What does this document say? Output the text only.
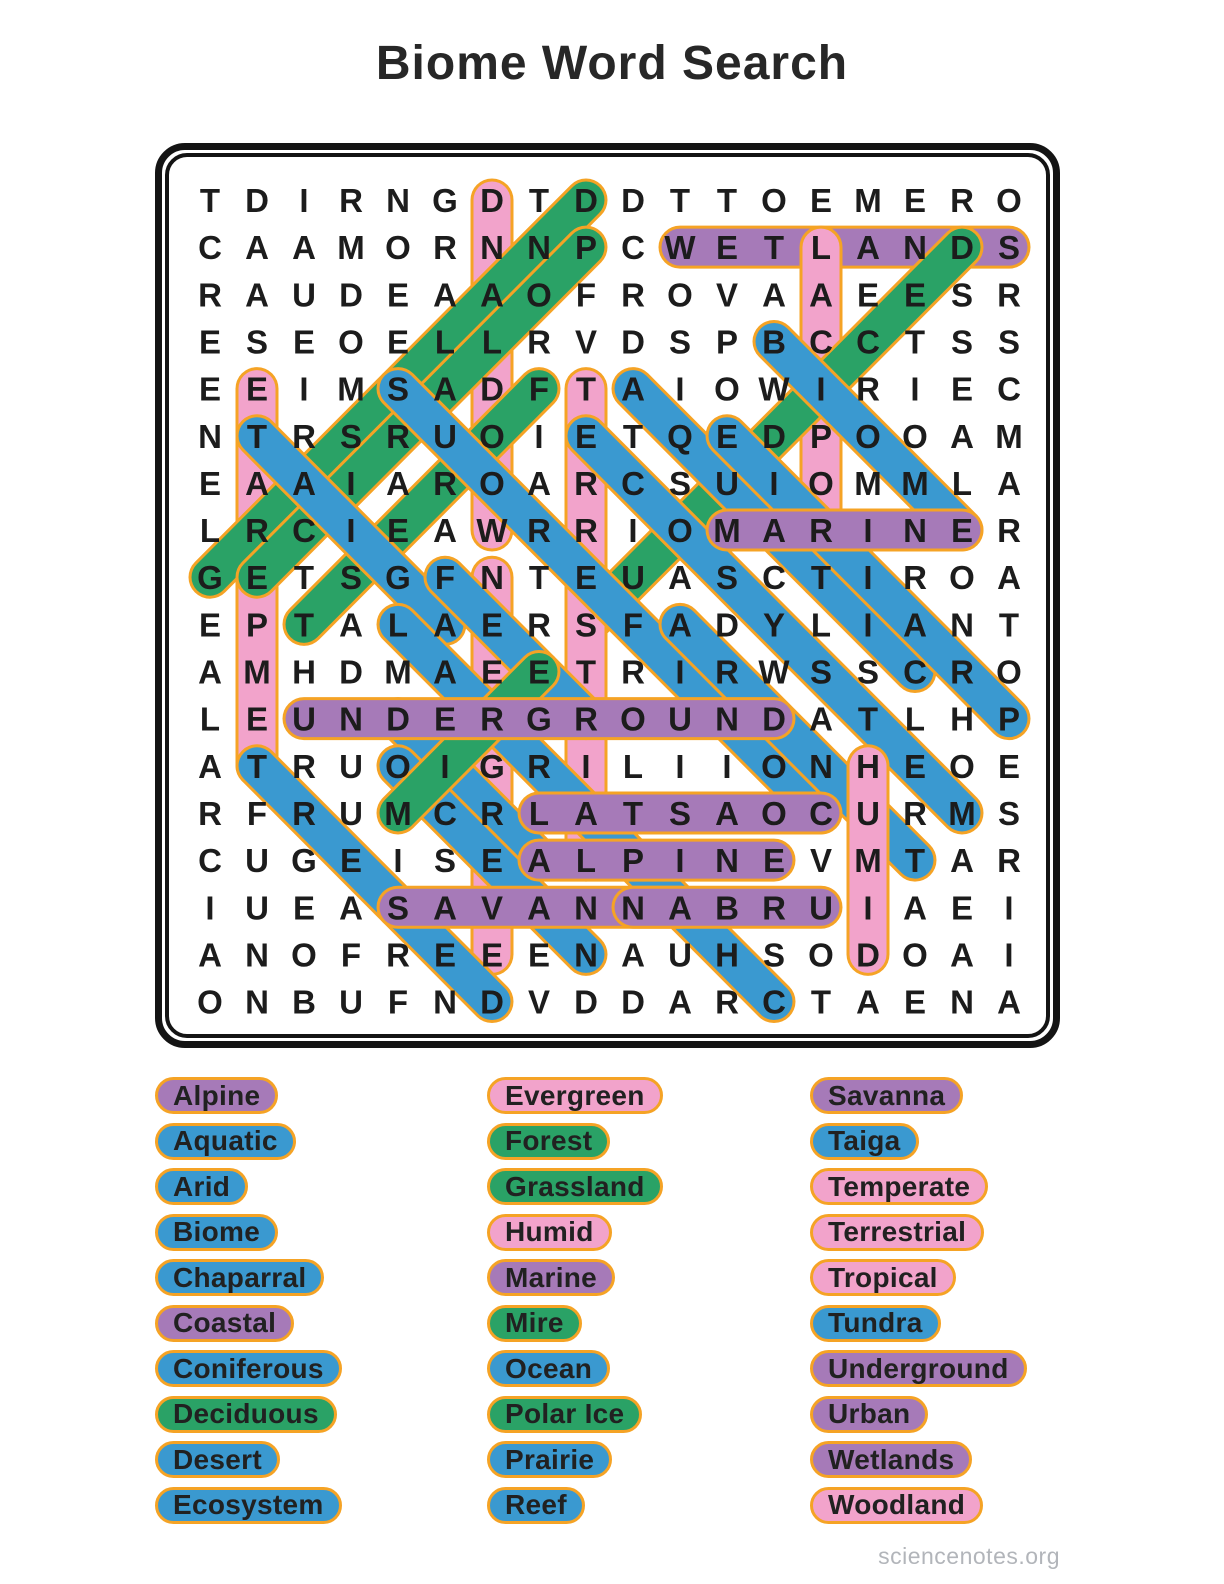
Biome Word Search
T D I R N G D T D D T T O E M E R O
C A A M O R N N P C W E T L A N D S
R A U D E A A O F R O V A A E E S R
E S E O E L L R V D S P B C C T S S
E E I M S A D F T A I O W I R I E C
N T R S R U O I E T Q E D P O O A M
E A A I A R O A R C S U I O M M L A
L R C I E A W R R I O M A R I N E R
G E T S G F N T E U A S C T I R O A
E P T A L A E R S F A D Y L I A N T
A M H D M A E E T R I R W S S C R O
L E U N D E R G R O U N D A T L H P
A T R U O I G R I L I I O N H E O E
R F R U M C R L A T S A O C U R M S
C U G E I S E A L P I N E V M T A R
I U E A S A V A N N A B R U I A E I
A N O F R E E E N A U H S O D O A I
O N B U F N D V D D A R C T A E N A
Alpine
Aquatic
Arid
Biome
Chaparral
Coastal
Coniferous
Deciduous
Desert
Ecosystem
Evergreen
Forest
Grassland
Humid
Marine
Mire
Ocean
Polar Ice
Prairie
Reef
Savanna
Taiga
Temperate
Terrestrial
Tropical
Tundra
Underground
Urban
Wetlands
Woodland
sciencenotes.org
